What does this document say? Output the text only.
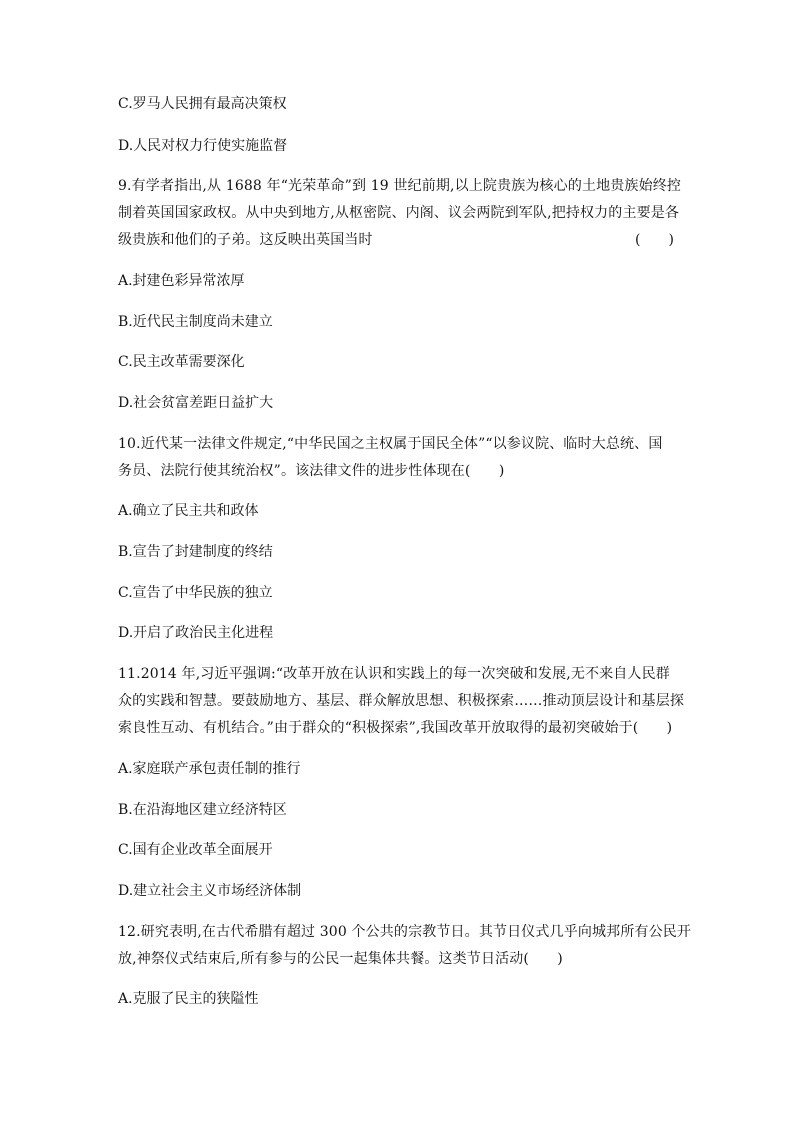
C.罗马人民拥有最高决策权
D.人民对权力行使实施监督
9.有学者指出,从 1688 年“光荣革命”到 19 世纪前期,以上院贵族为核心的土地贵族始终控
制着英国国家政权。从中央到地方,从枢密院、内阁、议会两院到军队,把持权力的主要是各
级贵族和他们的子弟。这反映出英国当时	(　　)
A.封建色彩异常浓厚
B.近代民主制度尚未建立
C.民主改革需要深化
D.社会贫富差距日益扩大
10.近代某一法律文件规定,“中华民国之主权属于国民全体”“以参议院、临时大总统、国
务员、法院行使其统治权”。该法律文件的进步性体现在(　　)
A.确立了民主共和政体
B.宣告了封建制度的终结
C.宣告了中华民族的独立
D.开启了政治民主化进程
11.2014 年,习近平强调:“改革开放在认识和实践上的每一次突破和发展,无不来自人民群
众的实践和智慧。要鼓励地方、基层、群众解放思想、积极探索……推动顶层设计和基层探
索良性互动、有机结合。”由于群众的“积极探索”,我国改革开放取得的最初突破始于(　　)
A.家庭联产承包责任制的推行
B.在沿海地区建立经济特区
C.国有企业改革全面展开
D.建立社会主义市场经济体制
12.研究表明,在古代希腊有超过 300 个公共的宗教节日。其节日仪式几乎向城邦所有公民开
放,神祭仪式结束后,所有参与的公民一起集体共餐。这类节日活动(　　)
A.克服了民主的狭隘性
